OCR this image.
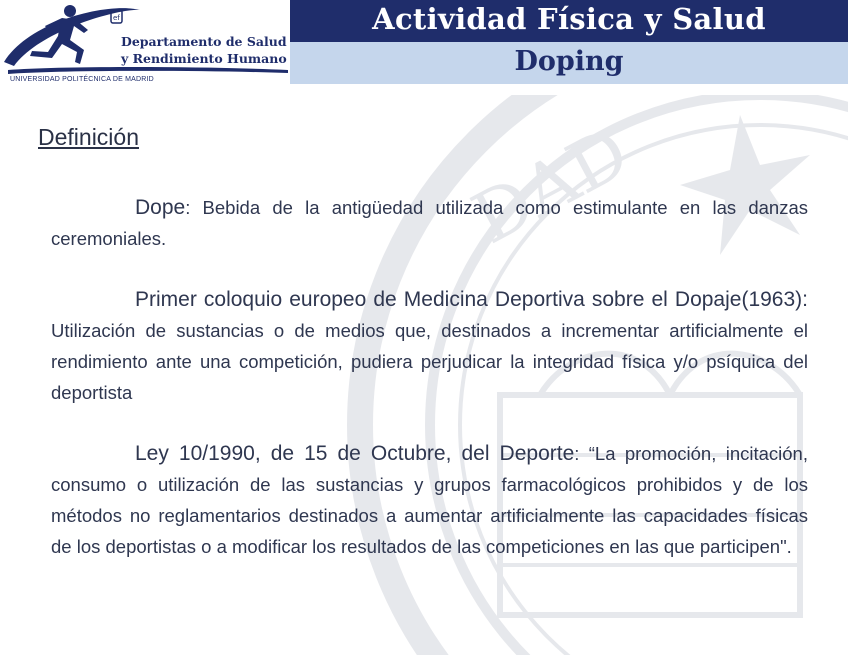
ef
Departamento de Salud
y Rendimiento Humano
UNIVERSIDAD POLITÉCNICA DE MADRID
Actividad Física y Salud
Doping
DAD
Definición
Dope: Bebida de la antigüedad utilizada como estimulante en las danzas ceremoniales.
Primer coloquio europeo de Medicina Deportiva sobre el Dopaje(1963): Utilización de sustancias o de medios que, destinados a incrementar artificialmente el rendimiento ante una competición, pudiera perjudicar la integridad física y/o psíquica del deportista
Ley 10/1990, de 15 de Octubre, del Deporte: “La promoción, incitación, consumo o utilización de las sustancias y grupos farmacológicos prohibidos y de los métodos no reglamentarios destinados a aumentar artificialmente las capacidades físicas de los deportistas o a modificar los resultados de las competiciones en las que participen".
